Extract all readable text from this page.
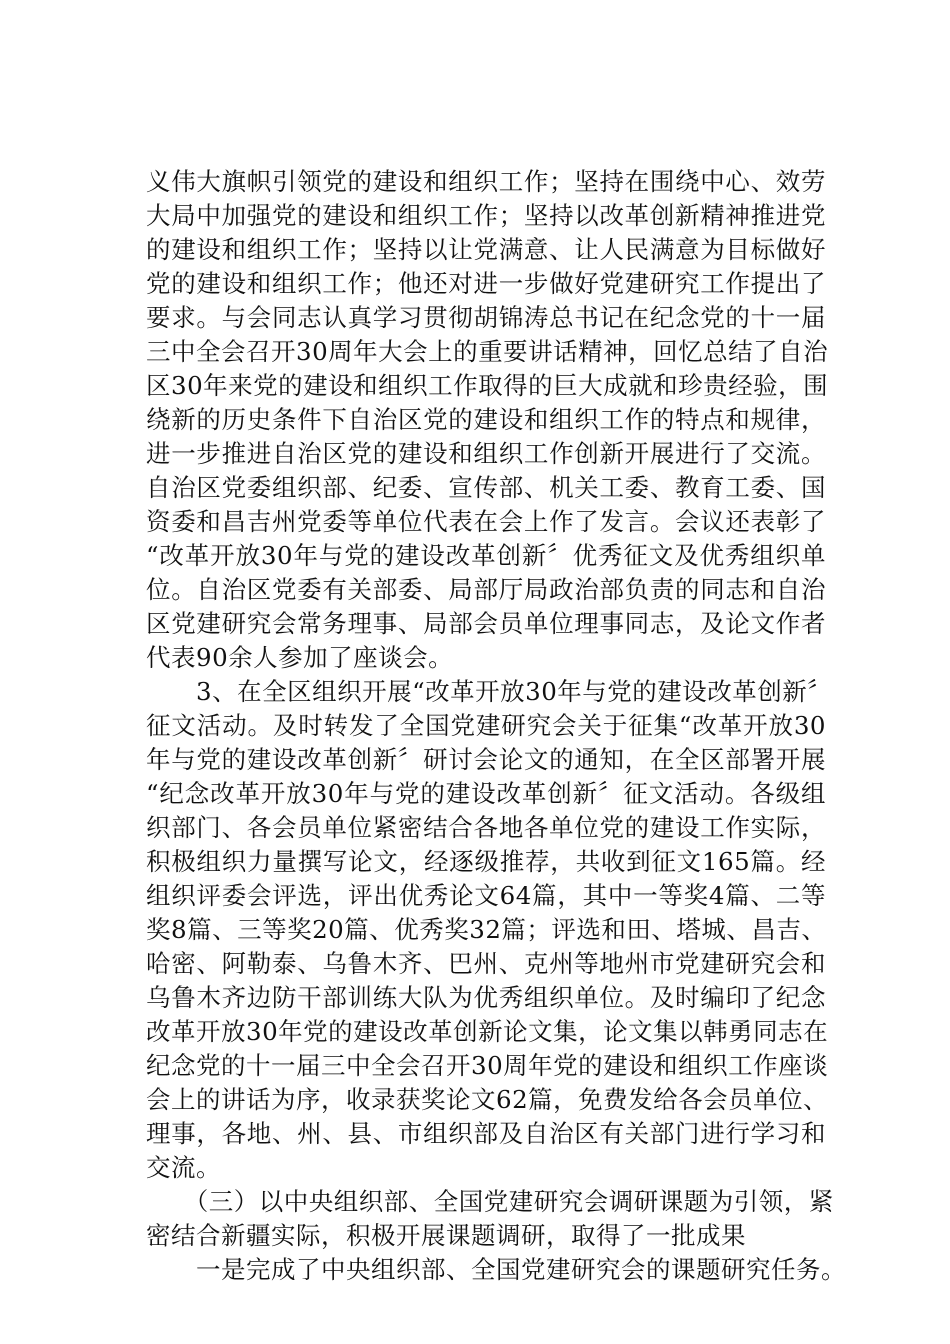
义伟大旗帜引领党的建设和组织工作；坚持在围绕中心、效劳
大局中加强党的建设和组织工作；坚持以改革创新精神推进党
的建设和组织工作；坚持以让党满意、让人民满意为目标做好
党的建设和组织工作；他还对进一步做好党建研究工作提出了
要求。与会同志认真学习贯彻胡锦涛总书记在纪念党的十一届
三中全会召开30周年大会上的重要讲话精神，回忆总结了自治
区30年来党的建设和组织工作取得的巨大成就和珍贵经验，围
绕新的历史条件下自治区党的建设和组织工作的特点和规律，
进一步推进自治区党的建设和组织工作创新开展进行了交流。
自治区党委组织部、纪委、宣传部、机关工委、教育工委、国
资委和昌吉州党委等单位代表在会上作了发言。会议还表彰了
“改革开放30年与党的建设改革创新〞优秀征文及优秀组织单
位。自治区党委有关部委、局部厅局政治部负责的同志和自治
区党建研究会常务理事、局部会员单位理事同志，及论文作者
代表90余人参加了座谈会。
　　3、在全区组织开展“改革开放30年与党的建设改革创新〞
征文活动。及时转发了全国党建研究会关于征集“改革开放30
年与党的建设改革创新〞研讨会论文的通知，在全区部署开展
“纪念改革开放30年与党的建设改革创新〞征文活动。各级组
织部门、各会员单位紧密结合各地各单位党的建设工作实际，
积极组织力量撰写论文，经逐级推荐，共收到征文165篇。经
组织评委会评选，评出优秀论文64篇，其中一等奖4篇、二等
奖8篇、三等奖20篇、优秀奖32篇；评选和田、塔城、昌吉、
哈密、阿勒泰、乌鲁木齐、巴州、克州等地州市党建研究会和
乌鲁木齐边防干部训练大队为优秀组织单位。及时编印了纪念
改革开放30年党的建设改革创新论文集，论文集以韩勇同志在
纪念党的十一届三中全会召开30周年党的建设和组织工作座谈
会上的讲话为序，收录获奖论文62篇，免费发给各会员单位、
理事，各地、州、县、市组织部及自治区有关部门进行学习和
交流。
　　（三）以中央组织部、全国党建研究会调研课题为引领，紧
密结合新疆实际，积极开展课题调研，取得了一批成果
　　一是完成了中央组织部、全国党建研究会的课题研究任务。
